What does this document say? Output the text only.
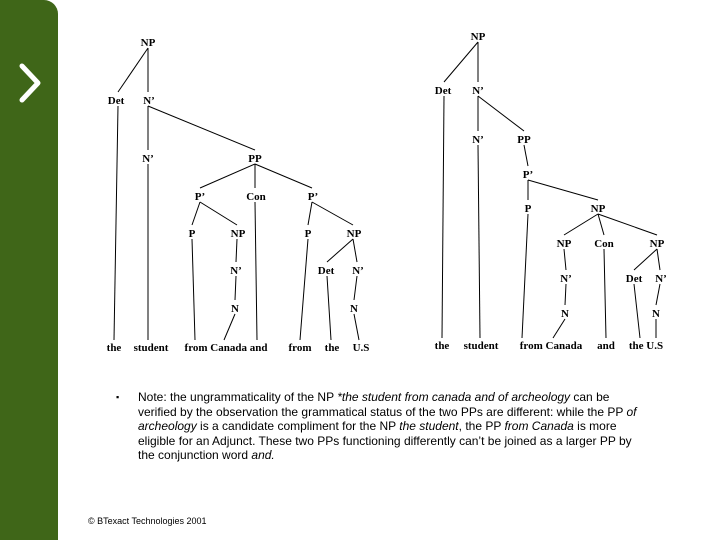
NP
Det N’
N’	PP
P’	Con	P’
P	NP	P	NP
N’	Det N’
N	N
the student from Canada and from the U.S
NP
Det N’
N’	PP
P’
P	NP
NP Con	NP
N’	Det N’
N	N
the student from Canada and the U.S
▪	Note: the ungrammaticality of the NP *the student from canada and of archeology can be verified by the observation the grammatical status of the two PPs are different: while the PP of archeology is a candidate compliment for the NP the student, the PP from Canada is more eligible for an Adjunct. These two PPs functioning differently can’t be joined as a larger PP by the conjunction word and.

© BTexact Technologies 2001
